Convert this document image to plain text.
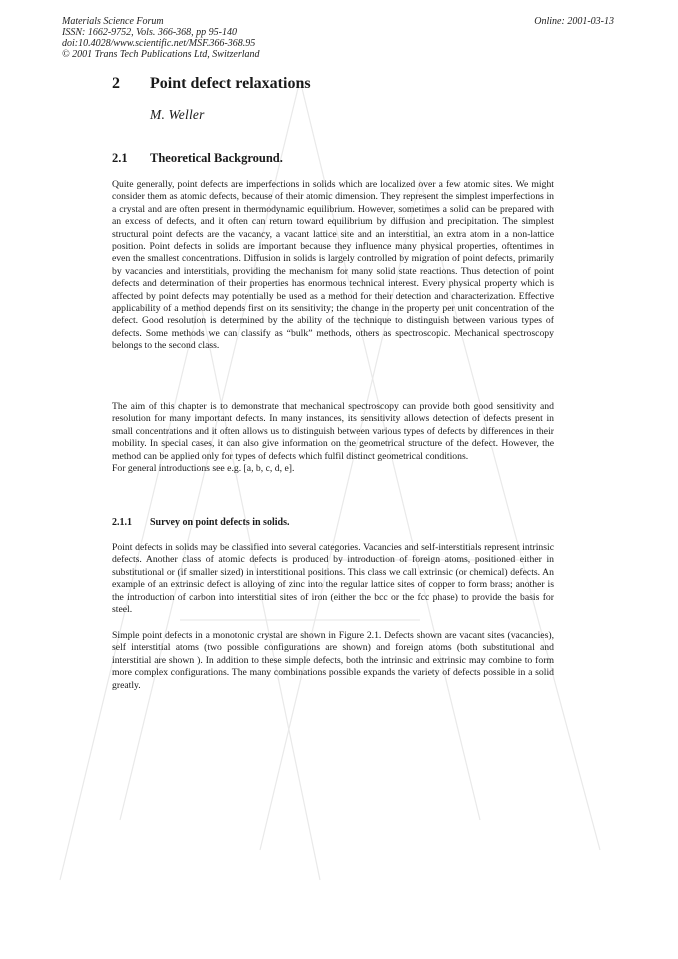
Materials Science Forum
ISSN: 1662-9752, Vols. 366-368, pp 95-140
doi:10.4028/www.scientific.net/MSF.366-368.95
© 2001 Trans Tech Publications Ltd, Switzerland
Online: 2001-03-13
2 Point defect relaxations
M. Weller
2.1 Theoretical Background.

Quite generally, point defects are imperfections in solids which are localized over a few atomic sites. We might consider them as atomic defects, because of their atomic dimension. They represent the simplest imperfections in a crystal and are often present in thermodynamic equilibrium. However, sometimes a solid can be prepared with an excess of defects, and it often can return toward equilibrium by diffusion and precipitation. The simplest structural point defects are the vacancy, a vacant lattice site and an interstitial, an extra atom in a non-lattice position. Point defects in solids are important because they influence many physical properties, oftentimes in even the smallest concentrations. Diffusion in solids is largely controlled by migration of point defects, primarily by vacancies and interstitials, providing the mechanism for many solid state reactions. Thus detection of point defects and determination of their properties has enormous technical interest. Every physical property which is affected by point defects may potentially be used as a method for their detection and characterization. Effective applicability of a method depends first on its sensitivity; the change in the property per unit concentration of the defect. Good resolution is determined by the ability of the technique to distinguish between various types of defects. Some methods we can classify as “bulk” methods, others as spectroscopic. Mechanical spectroscopy belongs to the second class.

The aim of this chapter is to demonstrate that mechanical spectroscopy can provide both good sensitivity and resolution for many important defects. In many instances, its sensitivity allows detection of defects present in small concentrations and it often allows us to distinguish between various types of defects by differences in their mobility. In special cases, it can also give information on the geometrical structure of the defect. However, the method can be applied only for types of defects which fulfil distinct geometrical conditions.

For general introductions see e.g. [a, b, c, d, e].

2.1.1 Survey on point defects in solids.

Point defects in solids may be classified into several categories. Vacancies and self-interstitials represent intrinsic defects. Another class of atomic defects is produced by introduction of foreign atoms, positioned either in substitutional or (if smaller sized) in interstitional positions. This class we call extrinsic (or chemical) defects. An example of an extrinsic defect is alloying of zinc into the regular lattice sites of copper to form brass; another is the introduction of carbon into interstitial sites of iron (either the bcc or the fcc phase) to provide the basis for steel.

Simple point defects in a monotonic crystal are shown in Figure 2.1. Defects shown are vacant sites (vacancies), self interstitial atoms (two possible configurations are shown) and foreign atoms (both substitutional and interstitial are shown ). In addition to these simple defects, both the intrinsic and extrinsic may combine to form more complex configurations. The many combinations possible expands the variety of defects possible in a solid greatly.
